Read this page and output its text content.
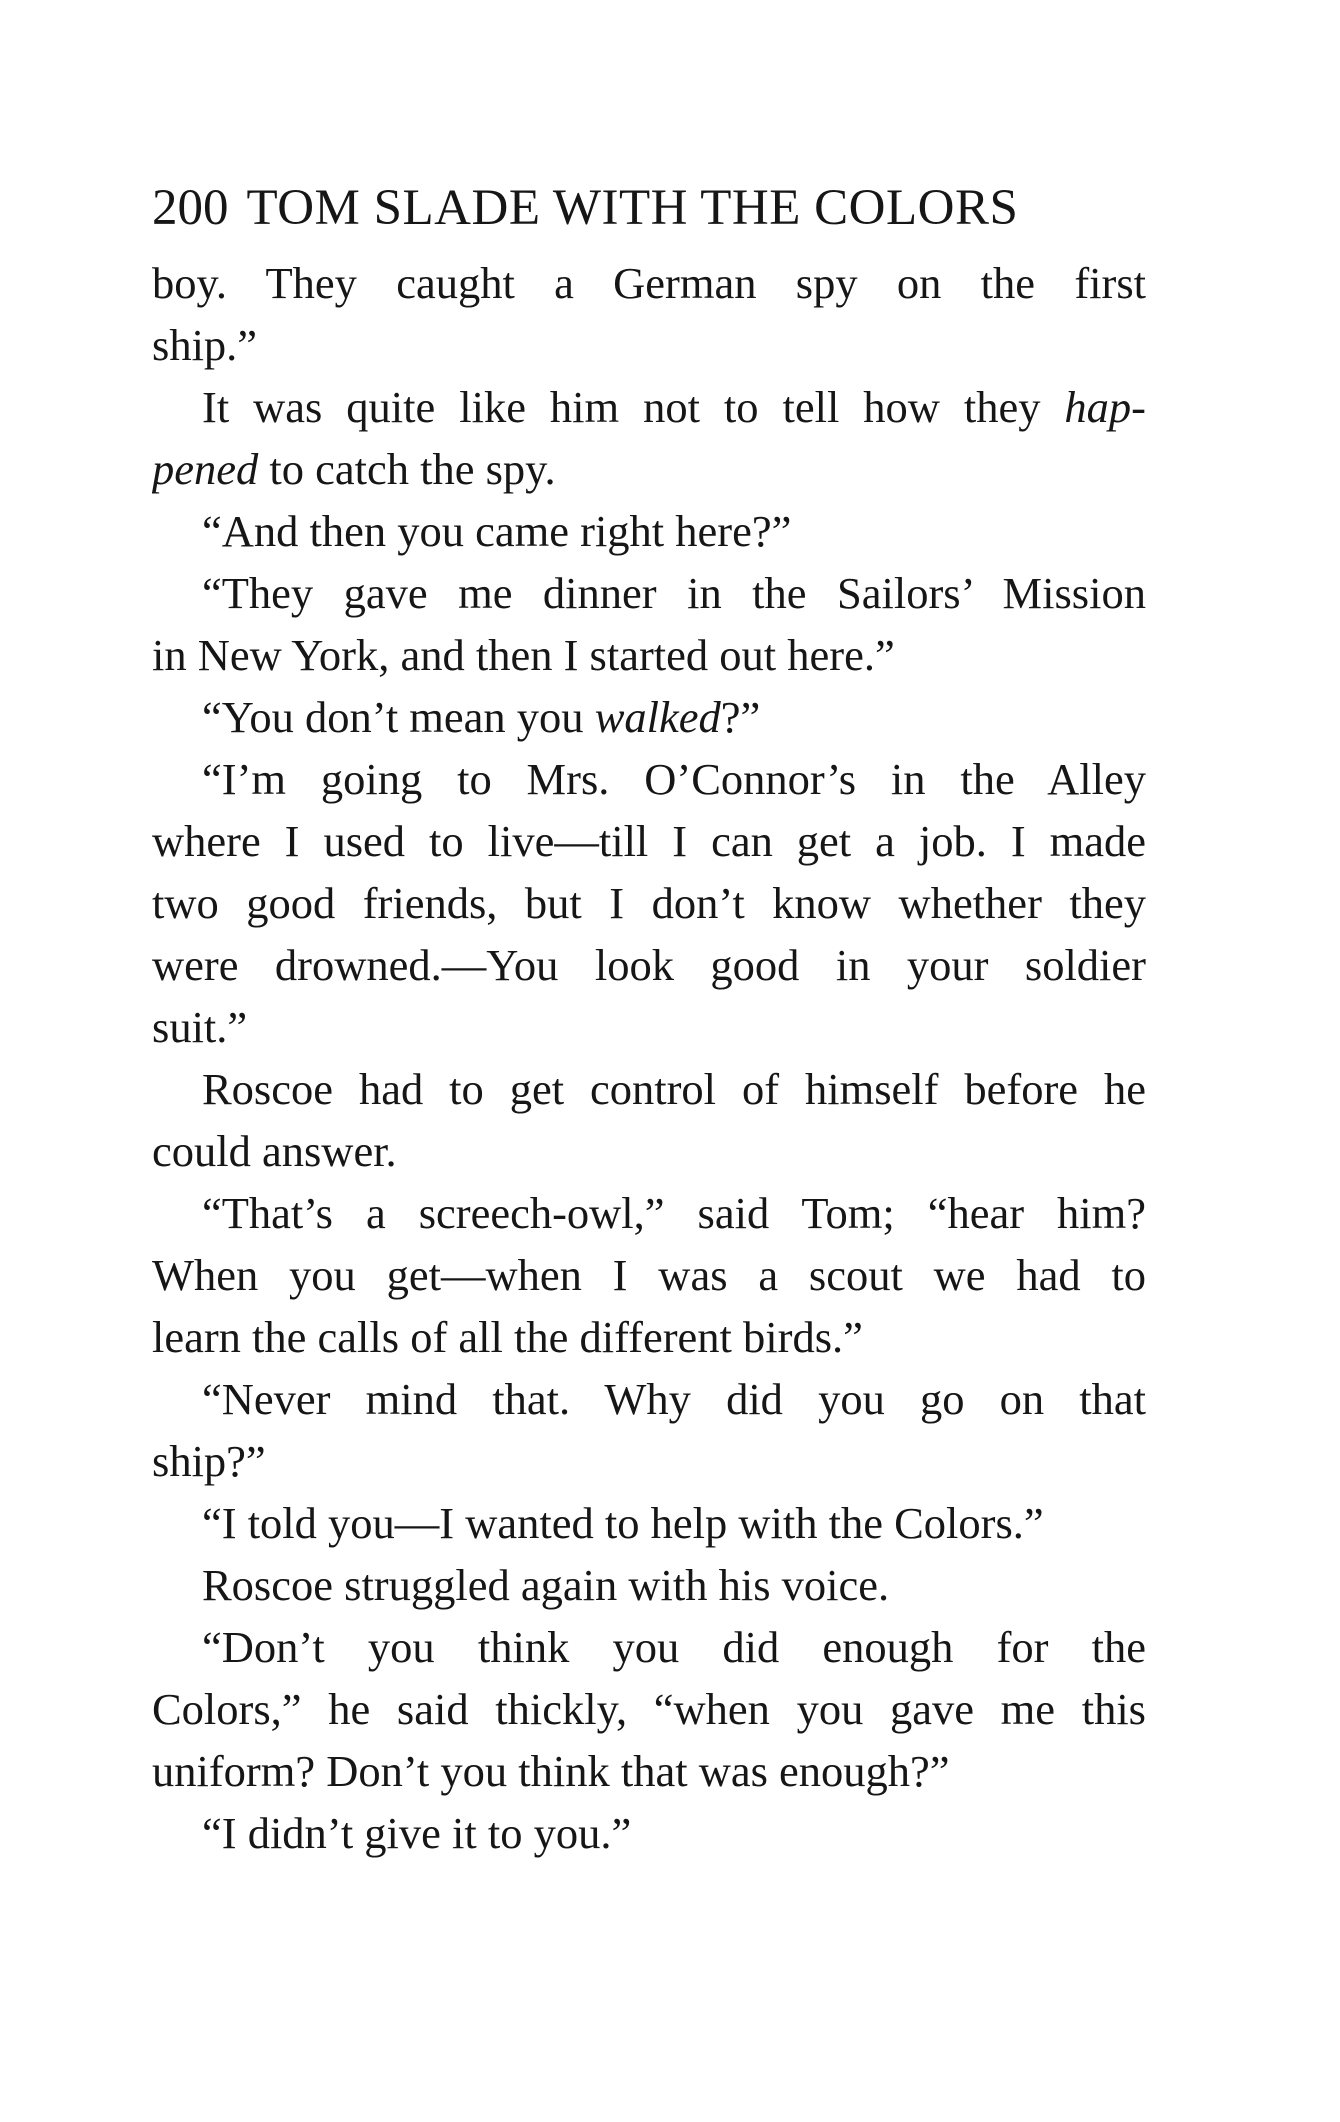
200 TOM SLADE WITH THE COLORS
boy. They caught a German spy on the first
ship.”
It was quite like him not to tell how they hap-
pened to catch the spy.
“And then you came right here?”
“They gave me dinner in the Sailors’ Mission
in New York, and then I started out here.”
“You don’t mean you walked?”
“I’m going to Mrs. O’Connor’s in the Alley
where I used to live—till I can get a job. I made
two good friends, but I don’t know whether they
were drowned.—You look good in your soldier
suit.”
Roscoe had to get control of himself before he
could answer.
“That’s a screech-owl,” said Tom; “hear him?
When you get—when I was a scout we had to
learn the calls of all the different birds.”
“Never mind that. Why did you go on that
ship?”
“I told you—I wanted to help with the Colors.”
Roscoe struggled again with his voice.
“Don’t you think you did enough for the
Colors,” he said thickly, “when you gave me this
uniform? Don’t you think that was enough?”
“I didn’t give it to you.”
